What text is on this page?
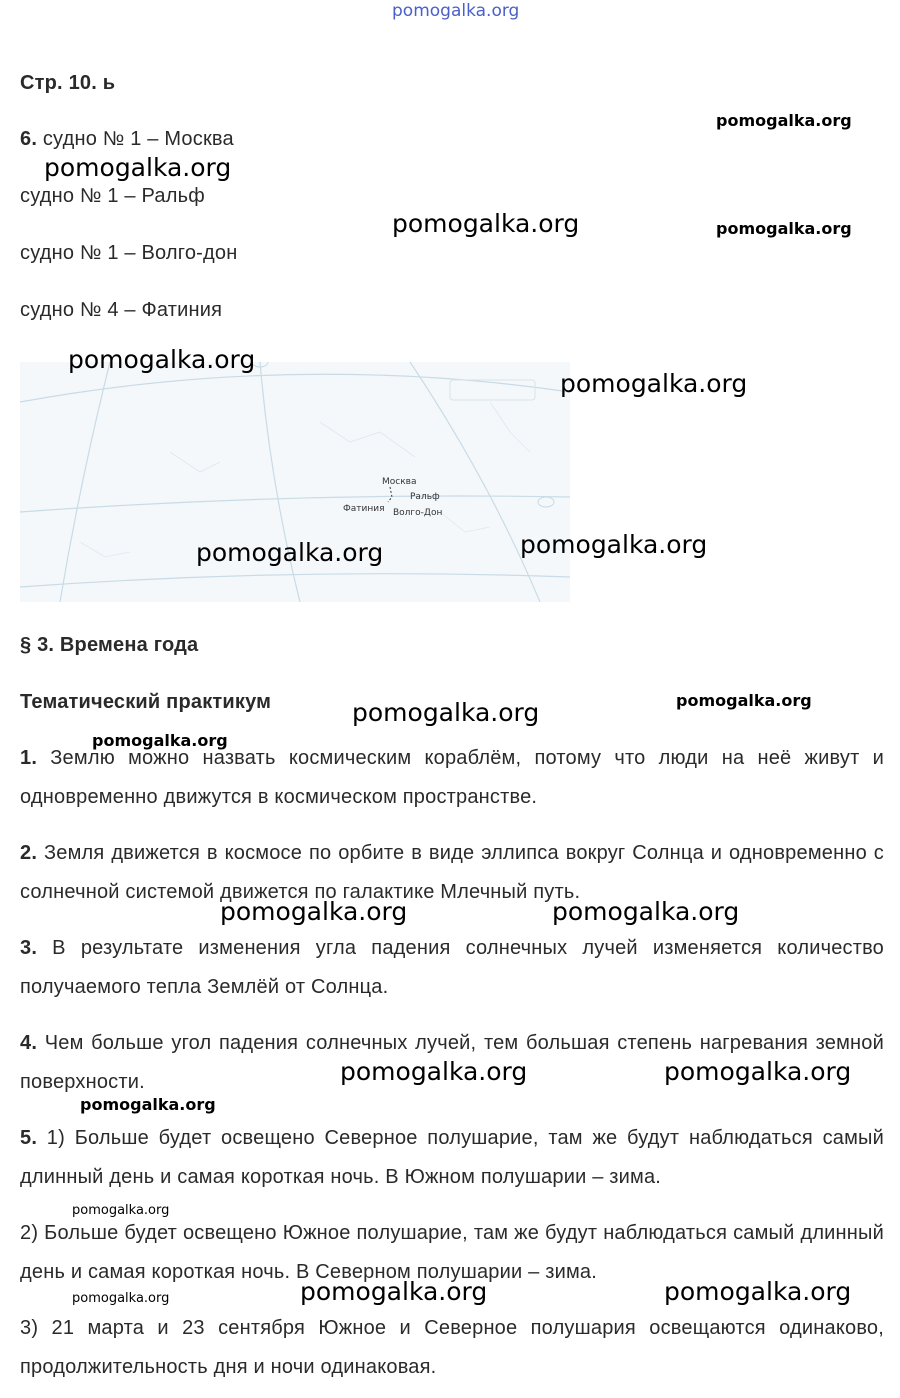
pomogalka.org
Стр. 10. ь
6. судно № 1 – Москва
судно № 1 – Ральф
судно № 1 – Волго-дон
судно № 4 – Фатиния
Москва
Ральф
Фатиния Волго-Дон
§ 3. Времена года
Тематический практикум
1. Землю можно назвать космическим кораблём, потому что люди на неё живут и одновременно движутся в космическом пространстве.
2. Земля движется в космосе по орбите в виде эллипса вокруг Солнца и одновременно с солнечной системой движется по галактике Млечный путь.
3. В результате изменения угла падения солнечных лучей изменяется количество получаемого тепла Землёй от Солнца.
4. Чем больше угол падения солнечных лучей, тем большая степень нагревания земной поверхности.
5. 1) Больше будет освещено Северное полушарие, там же будут наблюдаться самый длинный день и самая короткая ночь. В Южном полушарии – зима.
2) Больше будет освещено Южное полушарие, там же будут наблюдаться самый длинный день и самая короткая ночь. В Северном полушарии – зима.
3) 21 марта и 23 сентября Южное и Северное полушария освещаются одинаково, продолжительность дня и ночи одинаковая.
pomogalka.org
pomogalka.org
pomogalka.org	pomogalka.org
pomogalka.org
pomogalka.org
pomogalka.org
pomogalka.org
pomogalka.org
pomogalka.org
pomogalka.org
pomogalka.org	pomogalka.org
pomogalka.org	pomogalka.org
pomogalka.org
pomogalka.org
pomogalka.org	pomogalka.org	pomogalka.org
